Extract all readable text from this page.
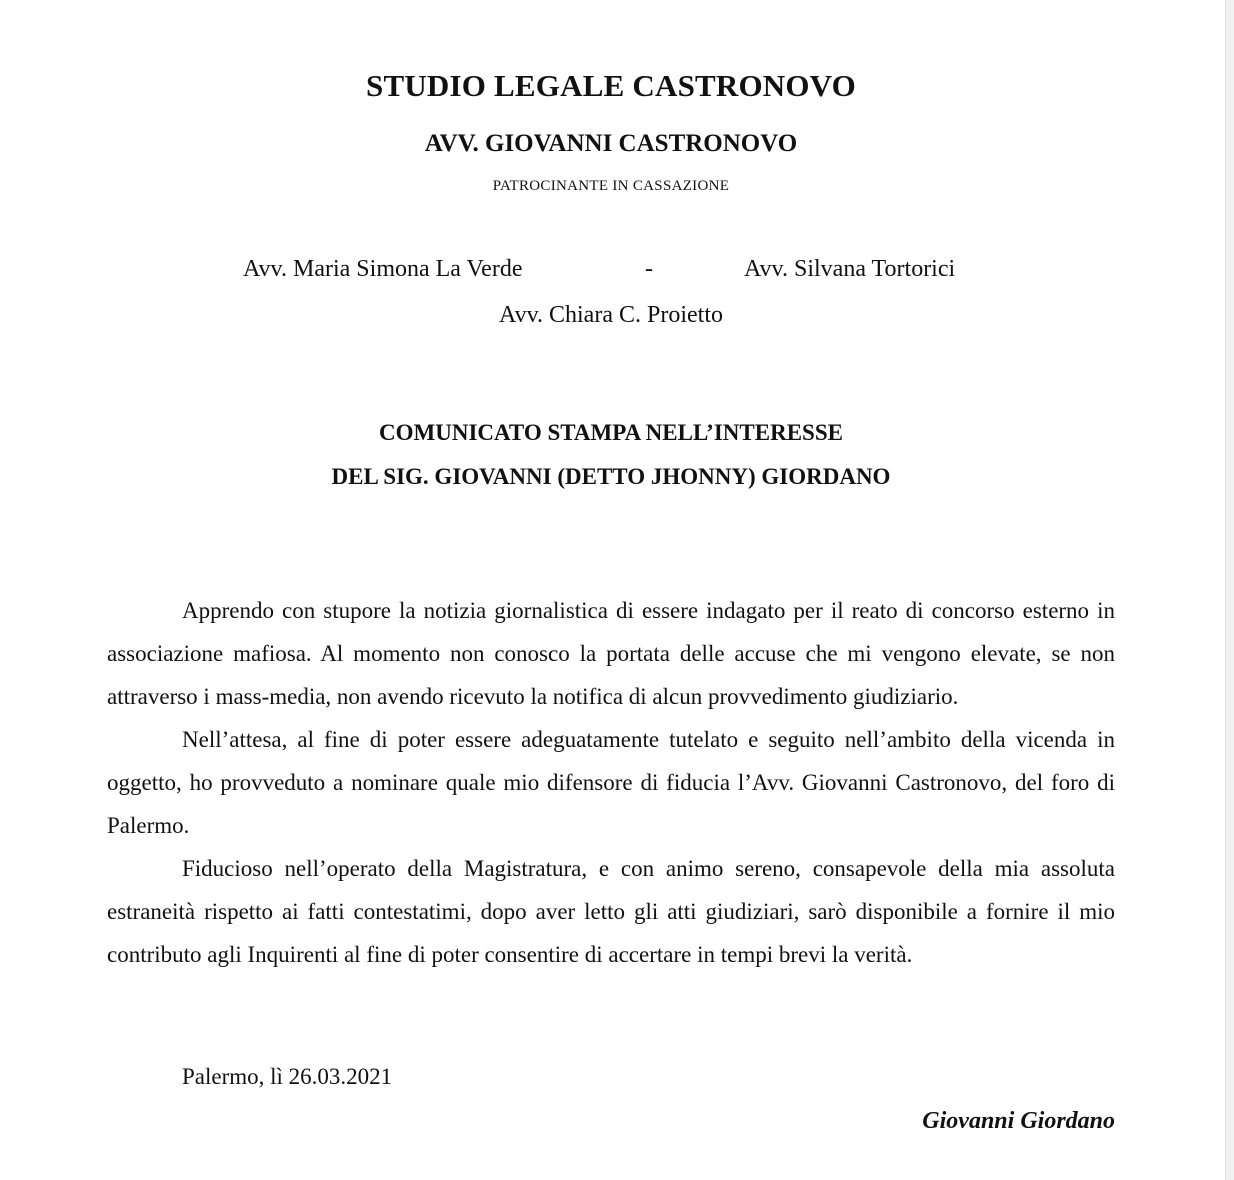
STUDIO LEGALE CASTRONOVO
AVV. GIOVANNI CASTRONOVO
PATROCINANTE IN CASSAZIONE
Avv. Maria Simona La Verde	-	Avv. Silvana Tortorici
Avv. Chiara C. Proietto
COMUNICATO STAMPA NELL’INTERESSE
DEL SIG. GIOVANNI (DETTO JHONNY) GIORDANO

Apprendo con stupore la notizia giornalistica di essere indagato per il reato di concorso esterno in associazione mafiosa. Al momento non conosco la portata delle accuse che mi vengono elevate, se non attraverso i mass-media, non avendo ricevuto la notifica di alcun provvedimento giudiziario.

Nell’attesa, al fine di poter essere adeguatamente tutelato e seguito nell’ambito della vicenda in oggetto, ho provveduto a nominare quale mio difensore di fiducia l’Avv. Giovanni Castronovo, del foro di Palermo.

Fiducioso nell’operato della Magistratura, e con animo sereno, consapevole della mia assoluta estraneità rispetto ai fatti contestatimi, dopo aver letto gli atti giudiziari, sarò disponibile a fornire il mio contributo agli Inquirenti al fine di poter consentire di accertare in tempi brevi la verità.

Palermo, lì 26.03.2021
Giovanni Giordano
